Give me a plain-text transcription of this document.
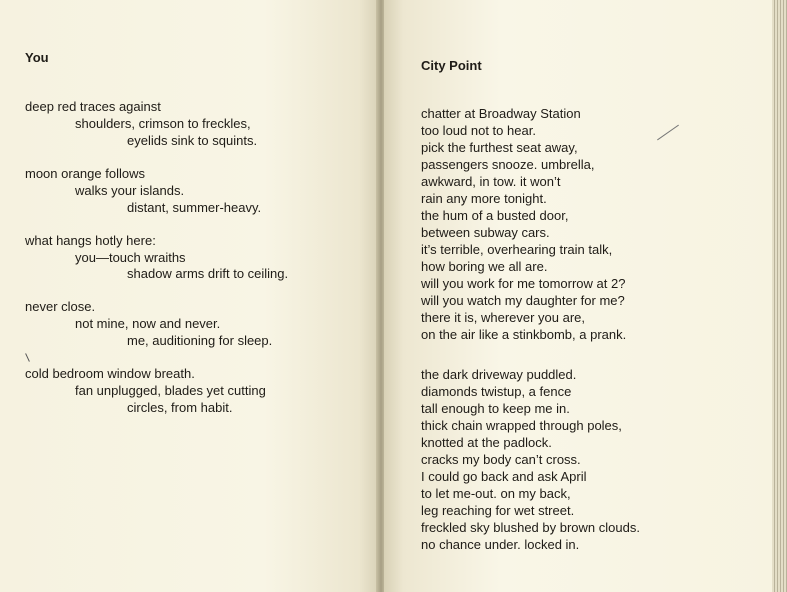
You
deep red traces against
shoulders, crimson to freckles,
eyelids sink to squints.
moon orange follows
walks your islands.
distant, summer-heavy.
what hangs hotly here:
you—touch wraiths
shadow arms drift to ceiling.
never close.
not mine, now and never.
me, auditioning for sleep.
cold bedroom window breath.
fan unplugged, blades yet cutting
circles, from habit.
City Point
chatter at Broadway Station
too loud not to hear.
pick the furthest seat away,
passengers snooze. umbrella,
awkward, in tow. it won’t
rain any more tonight.
the hum of a busted door,
between subway cars.
it’s terrible, overhearing train talk,
how boring we all are.
will you work for me tomorrow at 2?
will you watch my daughter for me?
there it is, wherever you are,
on the air like a stinkbomb, a prank.
the dark driveway puddled.
diamonds twistup, a fence
tall enough to keep me in.
thick chain wrapped through poles,
knotted at the padlock.
cracks my body can’t cross.
I could go back and ask April
to let me-out. on my back,
leg reaching for wet street.
freckled sky blushed by brown clouds.
no chance under. locked in.
